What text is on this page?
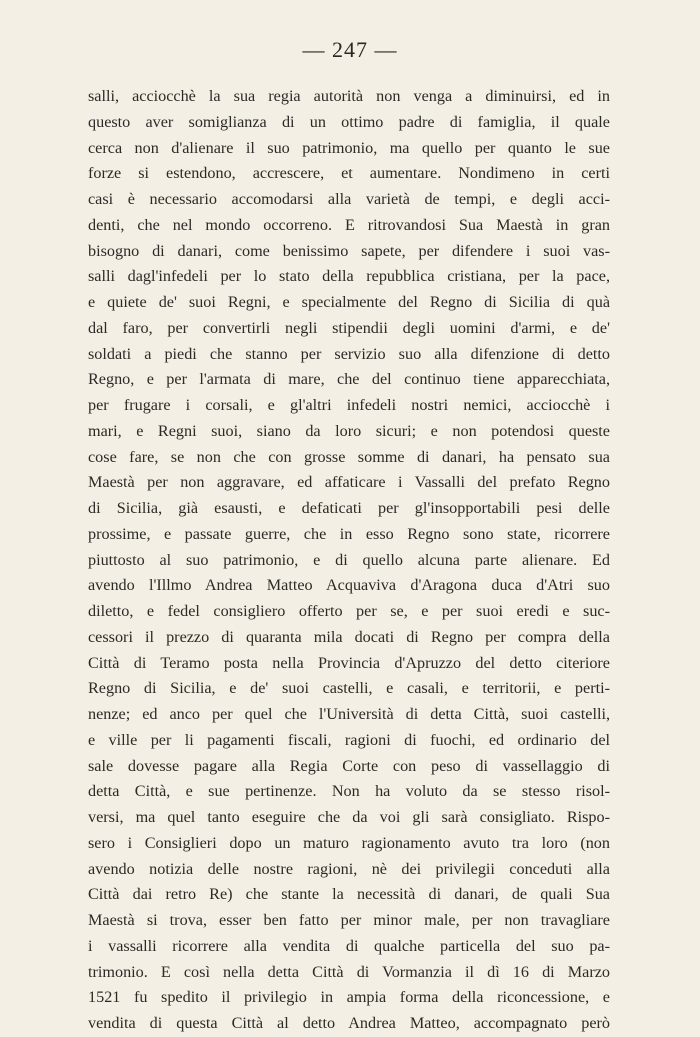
— 247 —
salli, acciocchè la sua regia autorità non venga a diminuirsi, ed in
questo aver somiglianza di un ottimo padre di famiglia, il quale
cerca non d'alienare il suo patrimonio, ma quello per quanto le sue
forze si estendono, accrescere, et aumentare. Nondimeno in certi
casi è necessario accomodarsi alla varietà de tempi, e degli acci-
denti, che nel mondo occorreno. E ritrovandosi Sua Maestà in gran
bisogno di danari, come benissimo sapete, per difendere i suoi vas-
salli dagl'infedeli per lo stato della repubblica cristiana, per la pace,
e quiete de' suoi Regni, e specialmente del Regno di Sicilia di quà
dal faro, per convertirli negli stipendii degli uomini d'armi, e de'
soldati a piedi che stanno per servizio suo alla difenzione di detto
Regno, e per l'armata di mare, che del continuo tiene apparecchiata,
per frugare i corsali, e gl'altri infedeli nostri nemici, acciocchè i
mari, e Regni suoi, siano da loro sicuri; e non potendosi queste
cose fare, se non che con grosse somme di danari, ha pensato sua
Maestà per non aggravare, ed affaticare i Vassalli del prefato Regno
di Sicilia, già esausti, e defaticati per gl'insopportabili pesi delle
prossime, e passate guerre, che in esso Regno sono state, ricorrere
piuttosto al suo patrimonio, e di quello alcuna parte alienare. Ed
avendo l'Illmo Andrea Matteo Acquaviva d'Aragona duca d'Atri suo
diletto, e fedel consigliero offerto per se, e per suoi eredi e suc-
cessori il prezzo di quaranta mila docati di Regno per compra della
Città di Teramo posta nella Provincia d'Apruzzo del detto citeriore
Regno di Sicilia, e de' suoi castelli, e casali, e territorii, e perti-
nenze; ed anco per quel che l'Università di detta Città, suoi castelli,
e ville per li pagamenti fiscali, ragioni di fuochi, ed ordinario del
sale dovesse pagare alla Regia Corte con peso di vassellaggio di
detta Città, e sue pertinenze. Non ha voluto da se stesso risol-
versi, ma quel tanto eseguire che da voi gli sarà consigliato. Rispo-
sero i Consiglieri dopo un maturo ragionamento avuto tra loro (non
avendo notizia delle nostre ragioni, nè dei privilegii conceduti alla
Città dai retro Re) che stante la necessità di danari, de quali Sua
Maestà si trova, esser ben fatto per minor male, per non travagliare
i vassalli ricorrere alla vendita di qualche particella del suo pa-
trimonio. E così nella detta Città di Vormanzia il dì 16 di Marzo
1521 fu spedito il privilegio in ampia forma della riconcessione, e
vendita di questa Città al detto Andrea Matteo, accompagnato però
